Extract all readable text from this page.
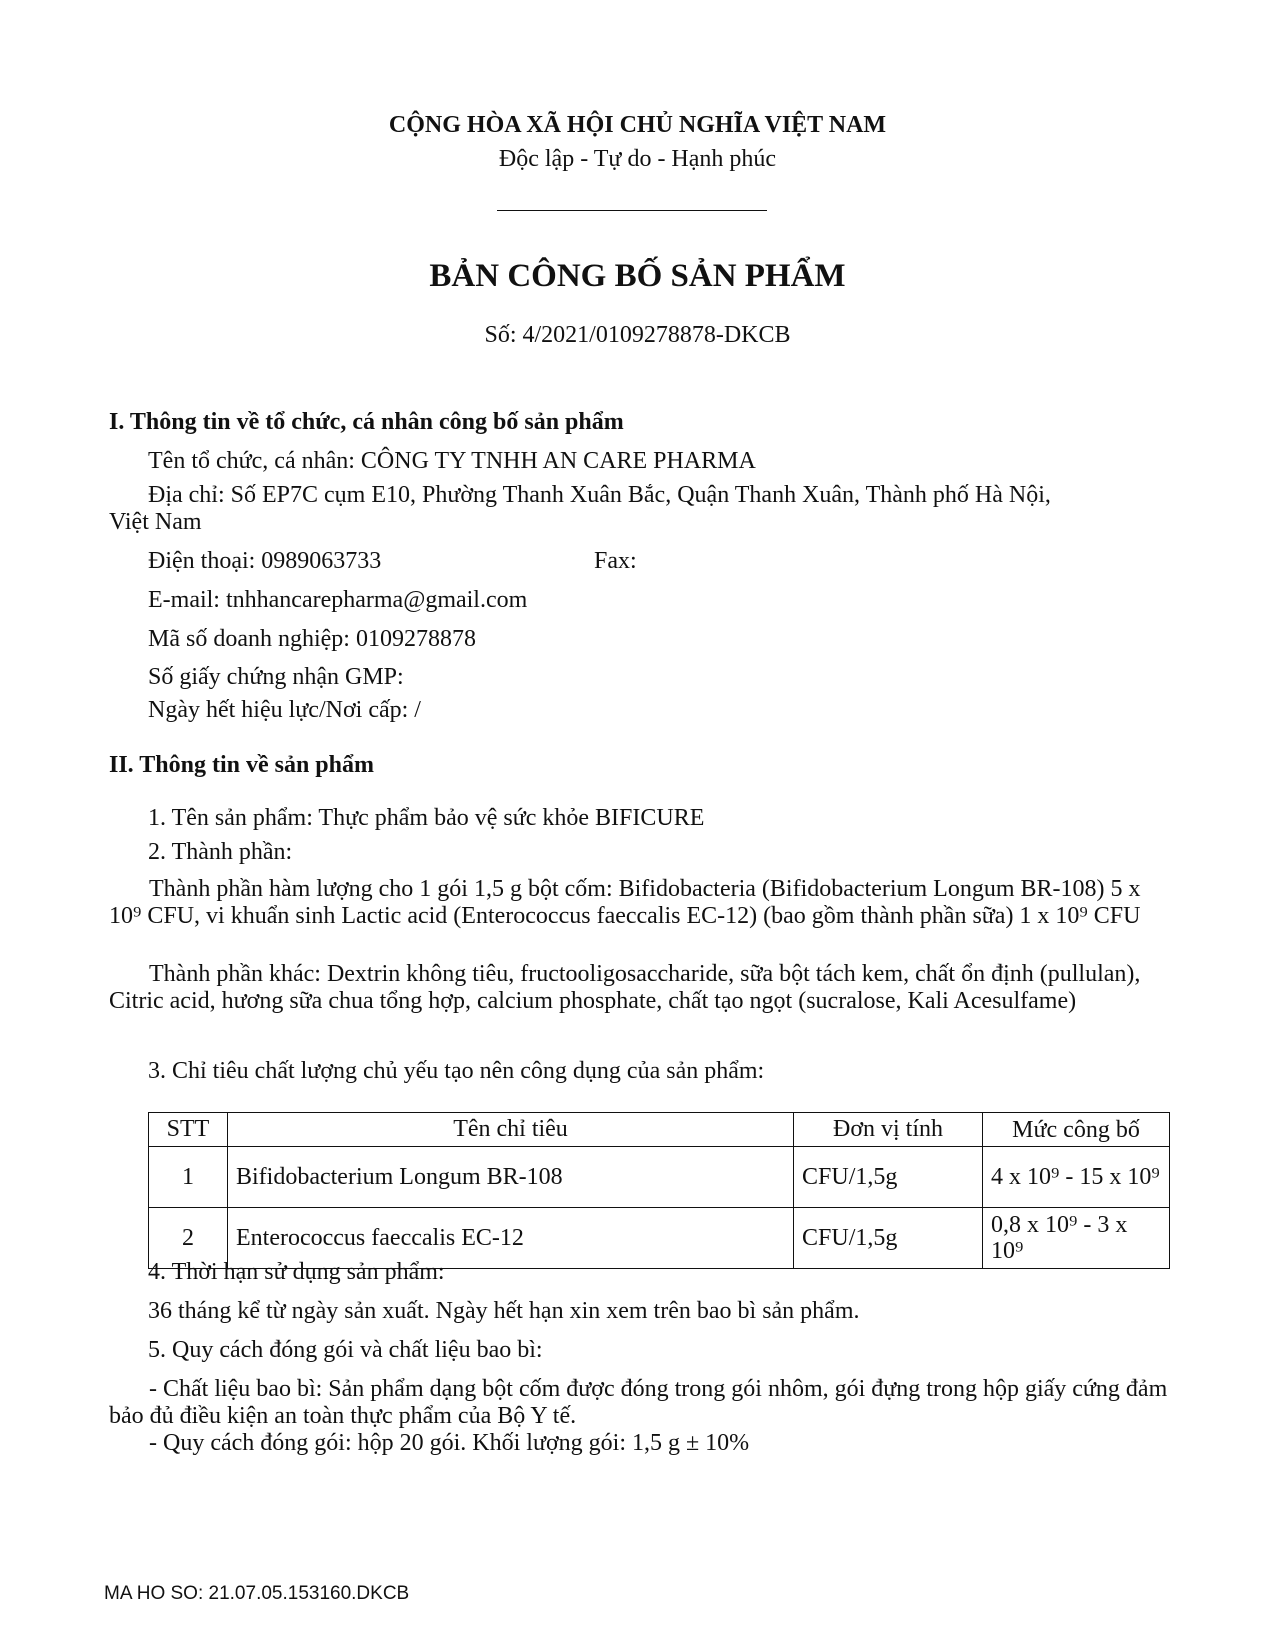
CỘNG HÒA XÃ HỘI CHỦ NGHĨA VIỆT NAM
Độc lập - Tự do - Hạnh phúc
BẢN CÔNG BỐ SẢN PHẨM
Số: 4/2021/0109278878-DKCB
I. Thông tin về tổ chức, cá nhân công bố sản phẩm
Tên tổ chức, cá nhân: CÔNG TY TNHH AN CARE PHARMA
Địa chỉ: Số EP7C cụm E10, Phường Thanh Xuân Bắc, Quận Thanh Xuân, Thành phố Hà Nội,
Việt Nam
Điện thoại: 0989063733	Fax:
E-mail: tnhhancarepharma@gmail.com
Mã số doanh nghiệp: 0109278878
Số giấy chứng nhận GMP:
Ngày hết hiệu lực/Nơi cấp: /
II. Thông tin về sản phẩm
1. Tên sản phẩm: Thực phẩm bảo vệ sức khỏe BIFICURE
2. Thành phần:
Thành phần hàm lượng cho 1 gói 1,5 g bột cốm: Bifidobacteria (Bifidobacterium Longum BR-108) 5 x 10⁹ CFU, vi khuẩn sinh Lactic acid (Enterococcus faeccalis EC-12) (bao gồm thành phần sữa) 1 x 10⁹ CFU
Thành phần khác: Dextrin không tiêu, fructooligosaccharide, sữa bột tách kem, chất ổn định (pullulan), Citric acid, hương sữa chua tổng hợp, calcium phosphate, chất tạo ngọt (sucralose, Kali Acesulfame)
3. Chỉ tiêu chất lượng chủ yếu tạo nên công dụng của sản phẩm:
STT	Tên chỉ tiêu	Đơn vị tính	Mức công bố
1	Bifidobacterium Longum BR-108	CFU/1,5g	4 x 10⁹ - 15 x 10⁹
2	Enterococcus faeccalis EC-12	CFU/1,5g	0,8 x 10⁹ - 3 x 10⁹
4. Thời hạn sử dụng sản phẩm:
36 tháng kể từ ngày sản xuất. Ngày hết hạn xin xem trên bao bì sản phẩm.
5. Quy cách đóng gói và chất liệu bao bì:
- Chất liệu bao bì: Sản phẩm dạng bột cốm được đóng trong gói nhôm, gói đựng trong hộp giấy cứng đảm bảo đủ điều kiện an toàn thực phẩm của Bộ Y tế.
- Quy cách đóng gói: hộp 20 gói. Khối lượng gói: 1,5 g ± 10%
MA HO SO: 21.07.05.153160.DKCB
